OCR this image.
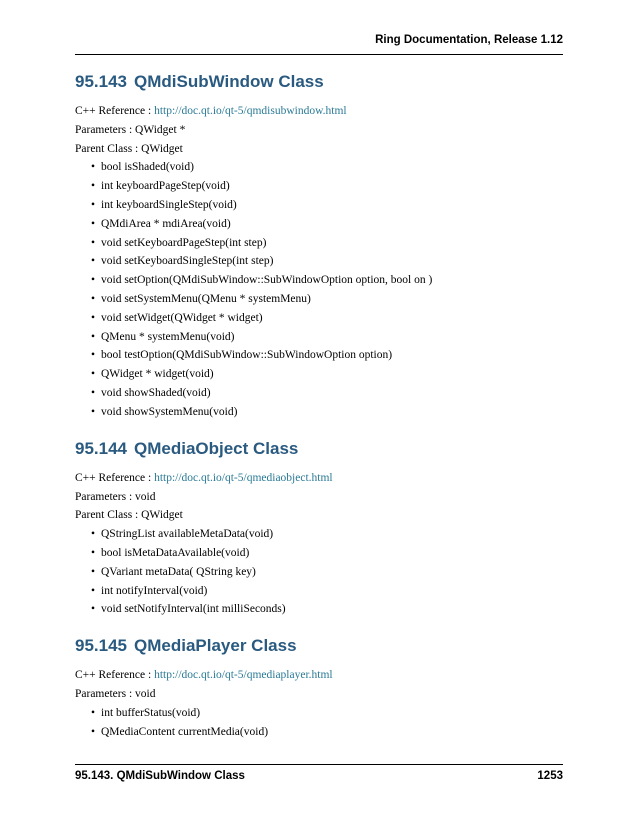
Ring Documentation, Release 1.12
95.143 QMdiSubWindow Class
C++ Reference : http://doc.qt.io/qt-5/qmdisubwindow.html
Parameters : QWidget *
Parent Class : QWidget
• bool isShaded(void)
• int keyboardPageStep(void)
• int keyboardSingleStep(void)
• QMdiArea * mdiArea(void)
• void setKeyboardPageStep(int step)
• void setKeyboardSingleStep(int step)
• void setOption(QMdiSubWindow::SubWindowOption option, bool on )
• void setSystemMenu(QMenu * systemMenu)
• void setWidget(QWidget * widget)
• QMenu * systemMenu(void)
• bool testOption(QMdiSubWindow::SubWindowOption option)
• QWidget * widget(void)
• void showShaded(void)
• void showSystemMenu(void)
95.144 QMediaObject Class
C++ Reference : http://doc.qt.io/qt-5/qmediaobject.html
Parameters : void
Parent Class : QWidget
• QStringList availableMetaData(void)
• bool isMetaDataAvailable(void)
• QVariant metaData( QString key)
• int notifyInterval(void)
• void setNotifyInterval(int milliSeconds)
95.145 QMediaPlayer Class
C++ Reference : http://doc.qt.io/qt-5/qmediaplayer.html
Parameters : void
• int bufferStatus(void)
• QMediaContent currentMedia(void)
95.143. QMdiSubWindow Class	1253
